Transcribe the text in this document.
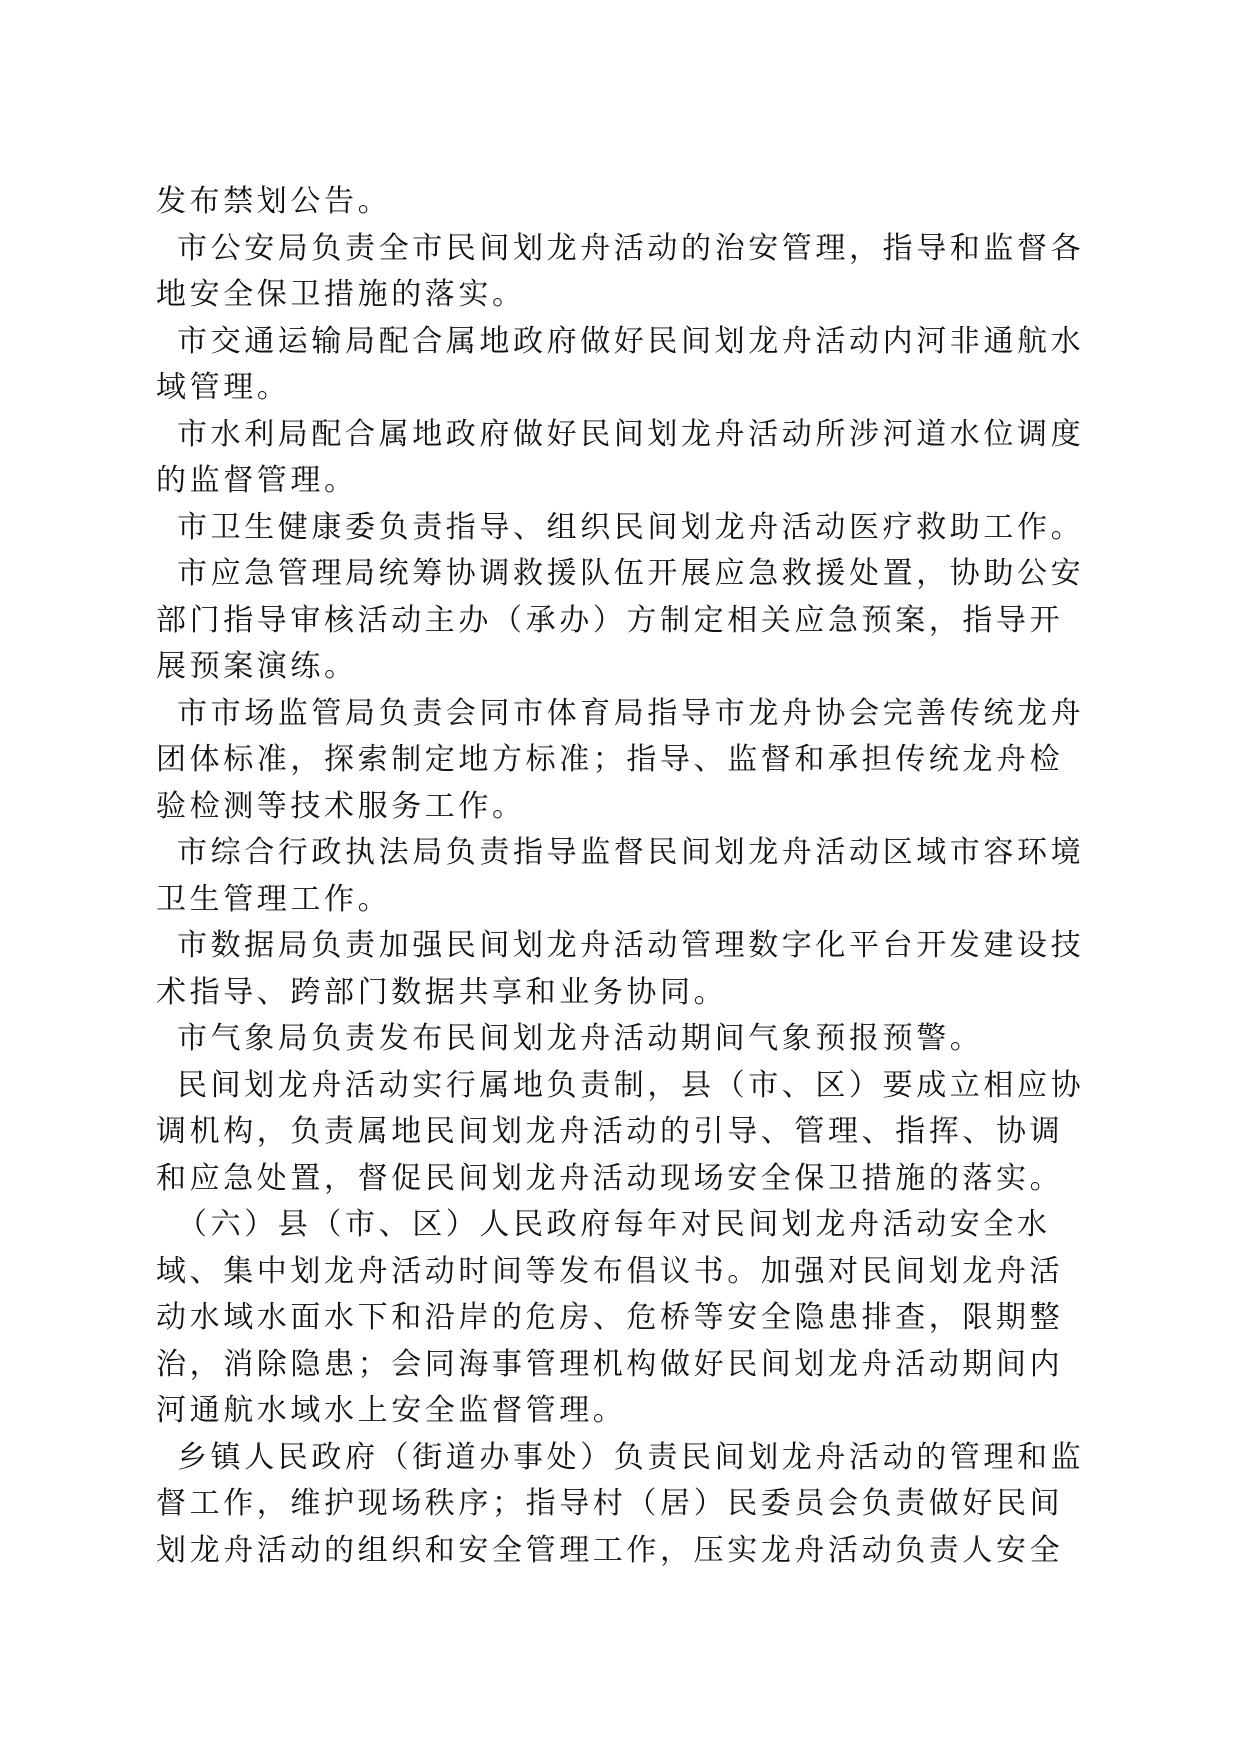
发布禁划公告。

市公安局负责全市民间划龙舟活动的治安管理，指导和监督各地安全保卫措施的落实。

市交通运输局配合属地政府做好民间划龙舟活动内河非通航水域管理。

市水利局配合属地政府做好民间划龙舟活动所涉河道水位调度的监督管理。

市卫生健康委负责指导、组织民间划龙舟活动医疗救助工作。

市应急管理局统筹协调救援队伍开展应急救援处置，协助公安部门指导审核活动主办（承办）方制定相关应急预案，指导开展预案演练。

市市场监管局负责会同市体育局指导市龙舟协会完善传统龙舟团体标准，探索制定地方标准；指导、监督和承担传统龙舟检验检测等技术服务工作。

市综合行政执法局负责指导监督民间划龙舟活动区域市容环境卫生管理工作。

市数据局负责加强民间划龙舟活动管理数字化平台开发建设技术指导、跨部门数据共享和业务协同。

市气象局负责发布民间划龙舟活动期间气象预报预警。

民间划龙舟活动实行属地负责制，县（市、区）要成立相应协调机构，负责属地民间划龙舟活动的引导、管理、指挥、协调和应急处置，督促民间划龙舟活动现场安全保卫措施的落实。

（六）县（市、区）人民政府每年对民间划龙舟活动安全水域、集中划龙舟活动时间等发布倡议书。加强对民间划龙舟活动水域水面水下和沿岸的危房、危桥等安全隐患排查，限期整治，消除隐患；会同海事管理机构做好民间划龙舟活动期间内河通航水域水上安全监督管理。

乡镇人民政府（街道办事处）负责民间划龙舟活动的管理和监督工作，维护现场秩序；指导村（居）民委员会负责做好民间划龙舟活动的组织和安全管理工作，压实龙舟活动负责人安全
